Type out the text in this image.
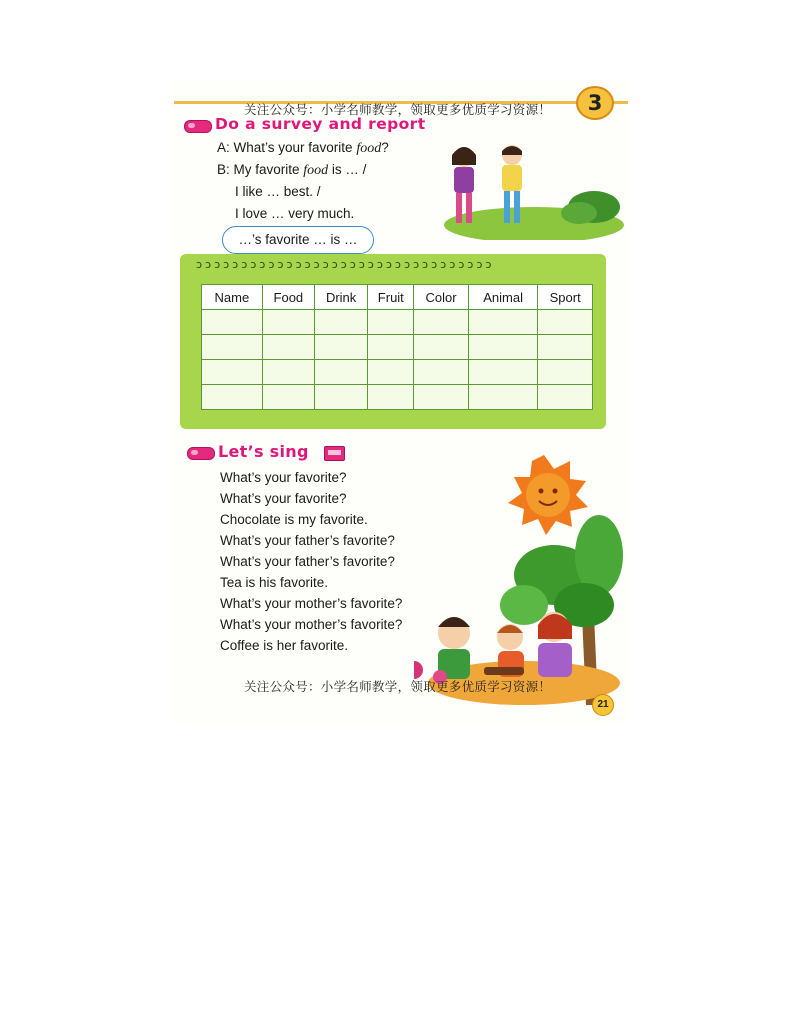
关注公众号：小学名师教学，领取更多优质学习资源！	3
Do a survey and report
A: What’s your favorite food?
B: My favorite food is … /
I like … best. /
I love … very much.
…’s favorite … is …
ɔɔɔɔɔɔɔɔɔɔɔɔɔɔɔɔɔɔɔɔɔɔɔɔɔɔɔɔɔɔɔɔɔ
Name	Food	Drink	Fruit	Color	Animal	Sport

Let’s sing
What’s your favorite?
What’s your favorite?
Chocolate is my favorite.
What’s your father’s favorite?
What’s your father’s favorite?
Tea is his favorite.
What’s your mother’s favorite?
What’s your mother’s favorite?
Coffee is her favorite.
关注公众号：小学名师教学，领取更多优质学习资源！
21
